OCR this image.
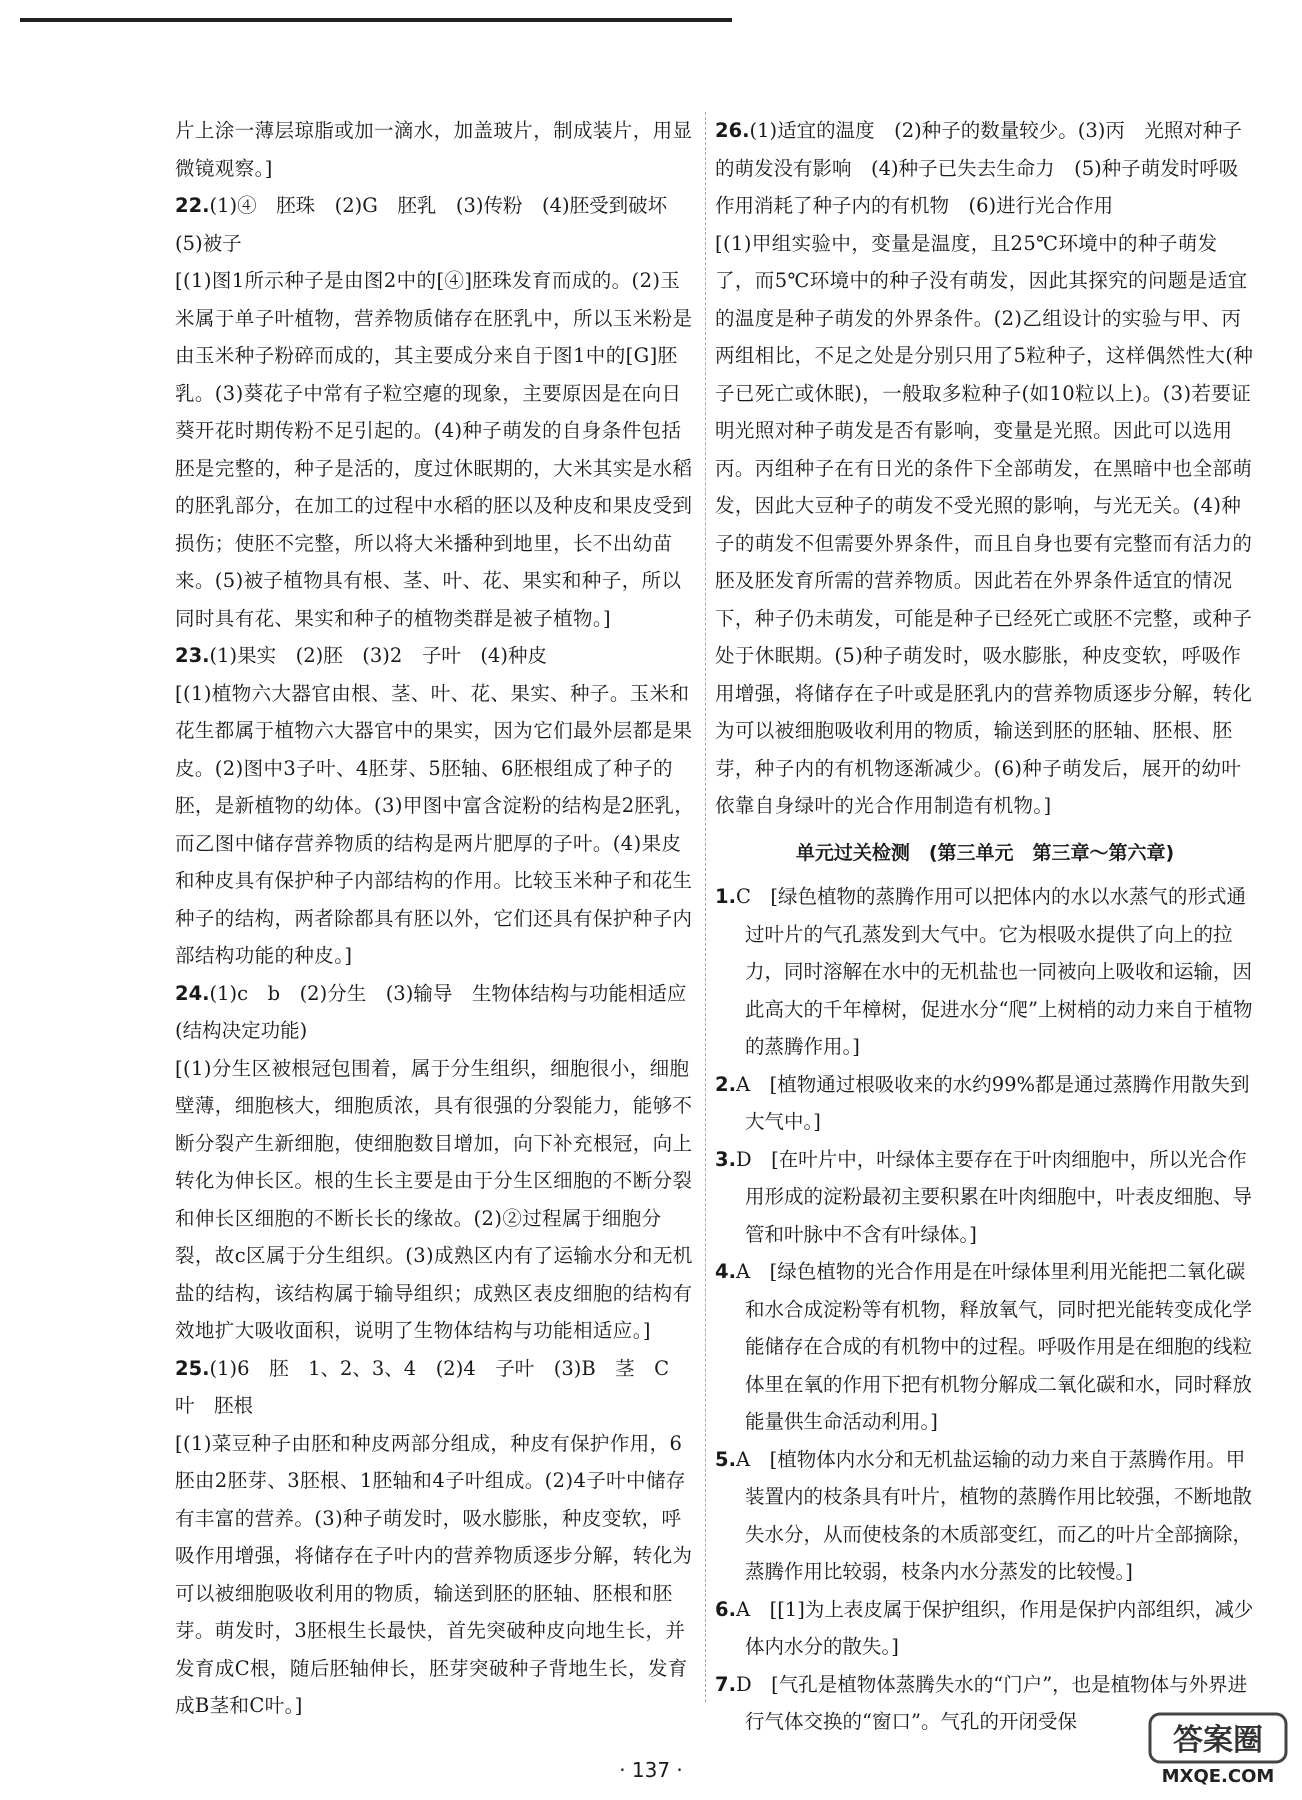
片上涂一薄层琼脂或加一滴水，加盖玻片，制成装片，用显微镜观察。]
22.(1)④　胚珠　(2)G　胚乳　(3)传粉　(4)胚受到破坏　(5)被子
[(1)图1所示种子是由图2中的[④]胚珠发育而成的。(2)玉米属于单子叶植物，营养物质储存在胚乳中，所以玉米粉是由玉米种子粉碎而成的，其主要成分来自于图1中的[G]胚乳。(3)葵花子中常有子粒空瘪的现象，主要原因是在向日葵开花时期传粉不足引起的。(4)种子萌发的自身条件包括胚是完整的，种子是活的，度过休眠期的，大米其实是水稻的胚乳部分，在加工的过程中水稻的胚以及种皮和果皮受到损伤；使胚不完整，所以将大米播种到地里，长不出幼苗来。(5)被子植物具有根、茎、叶、花、果实和种子，所以同时具有花、果实和种子的植物类群是被子植物。]
23.(1)果实　(2)胚　(3)2　子叶　(4)种皮
[(1)植物六大器官由根、茎、叶、花、果实、种子。玉米和花生都属于植物六大器官中的果实，因为它们最外层都是果皮。(2)图中3子叶、4胚芽、5胚轴、6胚根组成了种子的胚，是新植物的幼体。(3)甲图中富含淀粉的结构是2胚乳，而乙图中储存营养物质的结构是两片肥厚的子叶。(4)果皮和种皮具有保护种子内部结构的作用。比较玉米种子和花生种子的结构，两者除都具有胚以外，它们还具有保护种子内部结构功能的种皮。]
24.(1)c　b　(2)分生　(3)输导　生物体结构与功能相适应(结构决定功能)
[(1)分生区被根冠包围着，属于分生组织，细胞很小，细胞壁薄，细胞核大，细胞质浓，具有很强的分裂能力，能够不断分裂产生新细胞，使细胞数目增加，向下补充根冠，向上转化为伸长区。根的生长主要是由于分生区细胞的不断分裂和伸长区细胞的不断长长的缘故。(2)②过程属于细胞分裂，故c区属于分生组织。(3)成熟区内有了运输水分和无机盐的结构，该结构属于输导组织；成熟区表皮细胞的结构有效地扩大吸收面积，说明了生物体结构与功能相适应。]
25.(1)6　胚　1、2、3、4　(2)4　子叶　(3)B　茎　C　叶　胚根
[(1)菜豆种子由胚和种皮两部分组成，种皮有保护作用，6胚由2胚芽、3胚根、1胚轴和4子叶组成。(2)4子叶中储存有丰富的营养。(3)种子萌发时，吸水膨胀，种皮变软，呼吸作用增强，将储存在子叶内的营养物质逐步分解，转化为可以被细胞吸收利用的物质，输送到胚的胚轴、胚根和胚芽。萌发时，3胚根生长最快，首先突破种皮向地生长，并发育成C根，随后胚轴伸长，胚芽突破种子背地生长，发育成B茎和C叶。]
26.(1)适宜的温度　(2)种子的数量较少。(3)丙　光照对种子的萌发没有影响　(4)种子已失去生命力　(5)种子萌发时呼吸作用消耗了种子内的有机物　(6)进行光合作用
[(1)甲组实验中，变量是温度，且25℃环境中的种子萌发了，而5℃环境中的种子没有萌发，因此其探究的问题是适宜的温度是种子萌发的外界条件。(2)乙组设计的实验与甲、丙两组相比，不足之处是分别只用了5粒种子，这样偶然性大(种子已死亡或休眠)，一般取多粒种子(如10粒以上)。(3)若要证明光照对种子萌发是否有影响，变量是光照。因此可以选用丙。丙组种子在有日光的条件下全部萌发，在黑暗中也全部萌发，因此大豆种子的萌发不受光照的影响，与光无关。(4)种子的萌发不但需要外界条件，而且自身也要有完整而有活力的胚及胚发育所需的营养物质。因此若在外界条件适宜的情况下，种子仍未萌发，可能是种子已经死亡或胚不完整，或种子处于休眠期。(5)种子萌发时，吸水膨胀，种皮变软，呼吸作用增强，将储存在子叶或是胚乳内的营养物质逐步分解，转化为可以被细胞吸收利用的物质，输送到胚的胚轴、胚根、胚芽，种子内的有机物逐渐减少。(6)种子萌发后，展开的幼叶依靠自身绿叶的光合作用制造有机物。]
单元过关检测　(第三单元　第三章～第六章)
1.C　 [绿色植物的蒸腾作用可以把体内的水以水蒸气的形式通过叶片的气孔蒸发到大气中。它为根吸水提供了向上的拉力，同时溶解在水中的无机盐也一同被向上吸收和运输，因此高大的千年樟树，促进水分“爬”上树梢的动力来自于植物的蒸腾作用。]
2.A　 [植物通过根吸收来的水约99%都是通过蒸腾作用散失到大气中。]
3.D　 [在叶片中，叶绿体主要存在于叶肉细胞中，所以光合作用形成的淀粉最初主要积累在叶肉细胞中，叶表皮细胞、导管和叶脉中不含有叶绿体。]
4.A　 [绿色植物的光合作用是在叶绿体里利用光能把二氧化碳和水合成淀粉等有机物，释放氧气，同时把光能转变成化学能储存在合成的有机物中的过程。呼吸作用是在细胞的线粒体里在氧的作用下把有机物分解成二氧化碳和水，同时释放能量供生命活动利用。]
5.A　 [植物体内水分和无机盐运输的动力来自于蒸腾作用。甲装置内的枝条具有叶片，植物的蒸腾作用比较强，不断地散失水分，从而使枝条的木质部变红，而乙的叶片全部摘除，蒸腾作用比较弱，枝条内水分蒸发的比较慢。]
6.A　 [[1]为上表皮属于保护组织，作用是保护内部组织，减少体内水分的散失。]
7.D　 [气孔是植物体蒸腾失水的“门户”，也是植物体与外界进行气体交换的“窗口”。气孔的开闭受保
· 137 ·
答案圈
MXQE.COM
